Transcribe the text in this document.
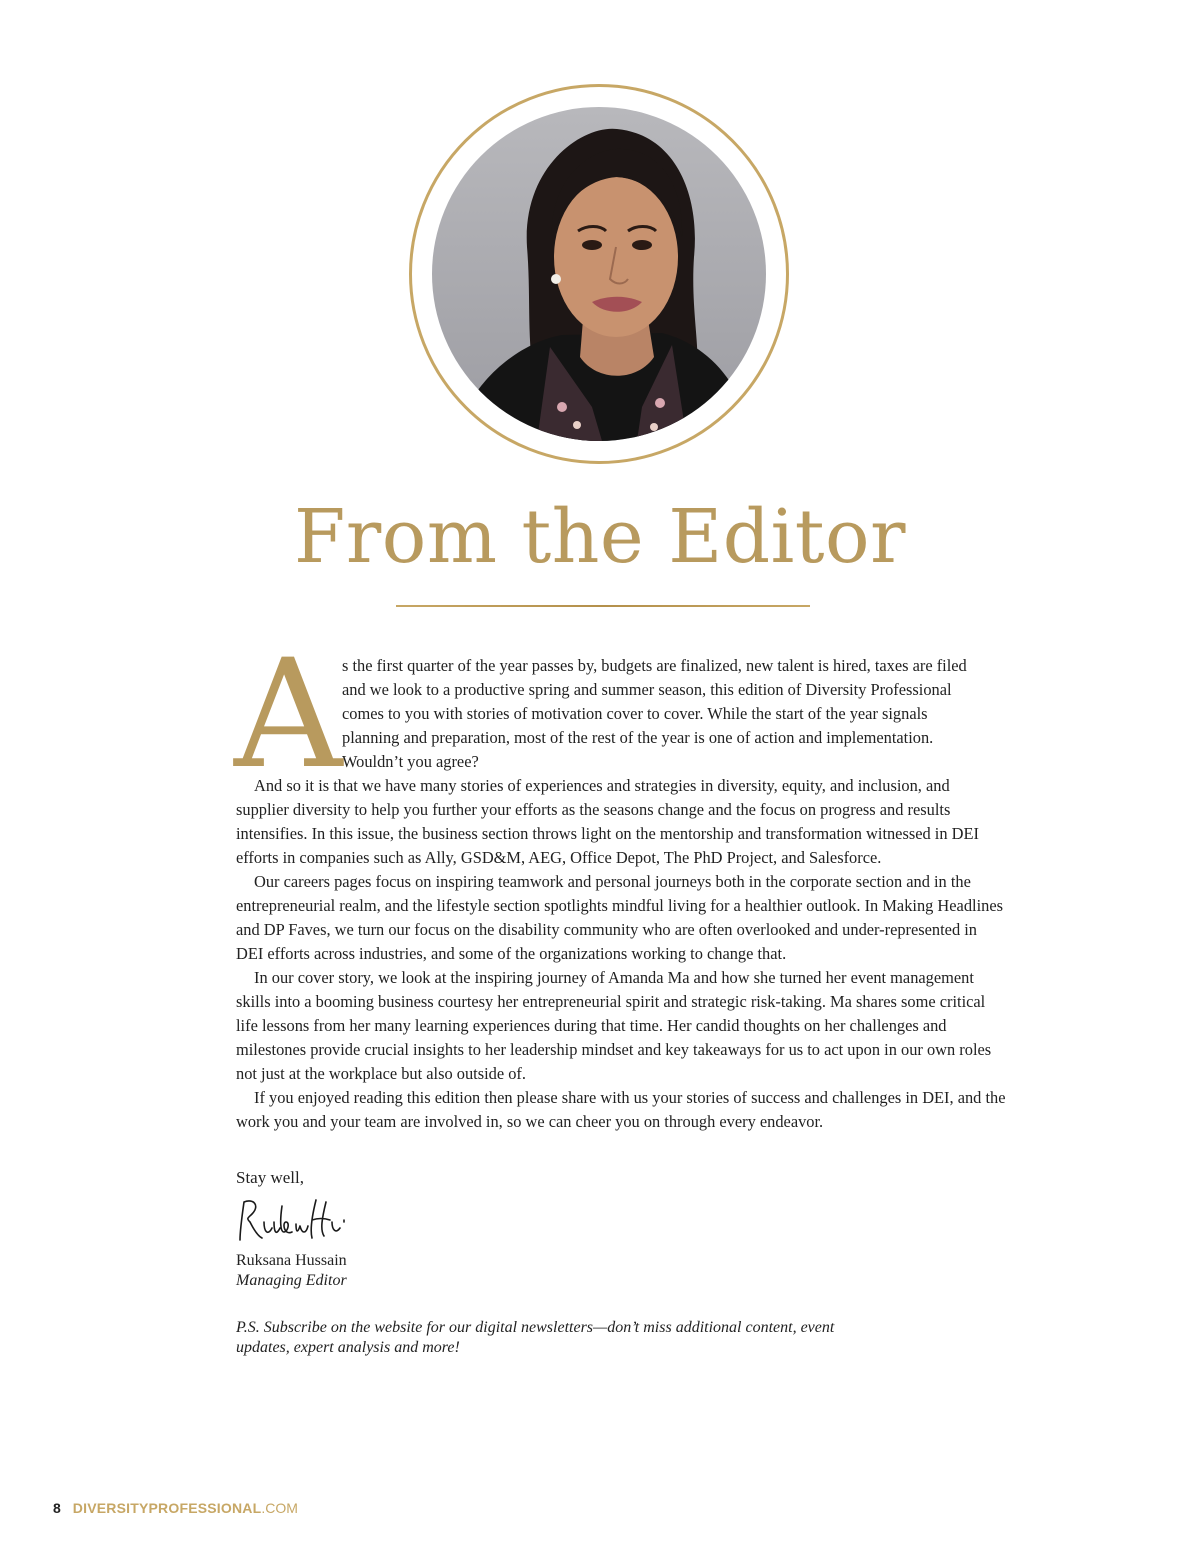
From the Editor
A s the first quarter of the year passes by, budgets are finalized, new talent is hired, taxes are filed and we look to a productive spring and summer season, this edition of Diversity Professional comes to you with stories of motivation cover to cover. While the start of the year signals planning and preparation, most of the rest of the year is one of action and implementation. Wouldn’t you agree?

And so it is that we have many stories of experiences and strategies in diversity, equity, and inclusion, and supplier diversity to help you further your efforts as the seasons change and the focus on progress and results intensifies. In this issue, the business section throws light on the mentorship and transformation witnessed in DEI efforts in companies such as Ally, GSD&M, AEG, Office Depot, The PhD Project, and Salesforce.

Our careers pages focus on inspiring teamwork and personal journeys both in the corporate section and in the entrepreneurial realm, and the lifestyle section spotlights mindful living for a healthier outlook. In Making Headlines and DP Faves, we turn our focus on the disability community who are often overlooked and under-represented in DEI efforts across industries, and some of the organizations working to change that.

In our cover story, we look at the inspiring journey of Amanda Ma and how she turned her event management skills into a booming business courtesy her entrepreneurial spirit and strategic risk-taking. Ma shares some critical life lessons from her many learning experiences during that time. Her candid thoughts on her challenges and milestones provide crucial insights to her leadership mindset and key takeaways for us to act upon in our own roles not just at the workplace but also outside of.

If you enjoyed reading this edition then please share with us your stories of success and challenges in DEI, and the work you and your team are involved in, so we can cheer you on through every endeavor.

Stay well,
Ruksana Hussain
Managing Editor
P.S. Subscribe on the website for our digital newsletters—don’t miss additional content, event updates, expert analysis and more!
8 DIVERSITYPROFESSIONAL.COM
